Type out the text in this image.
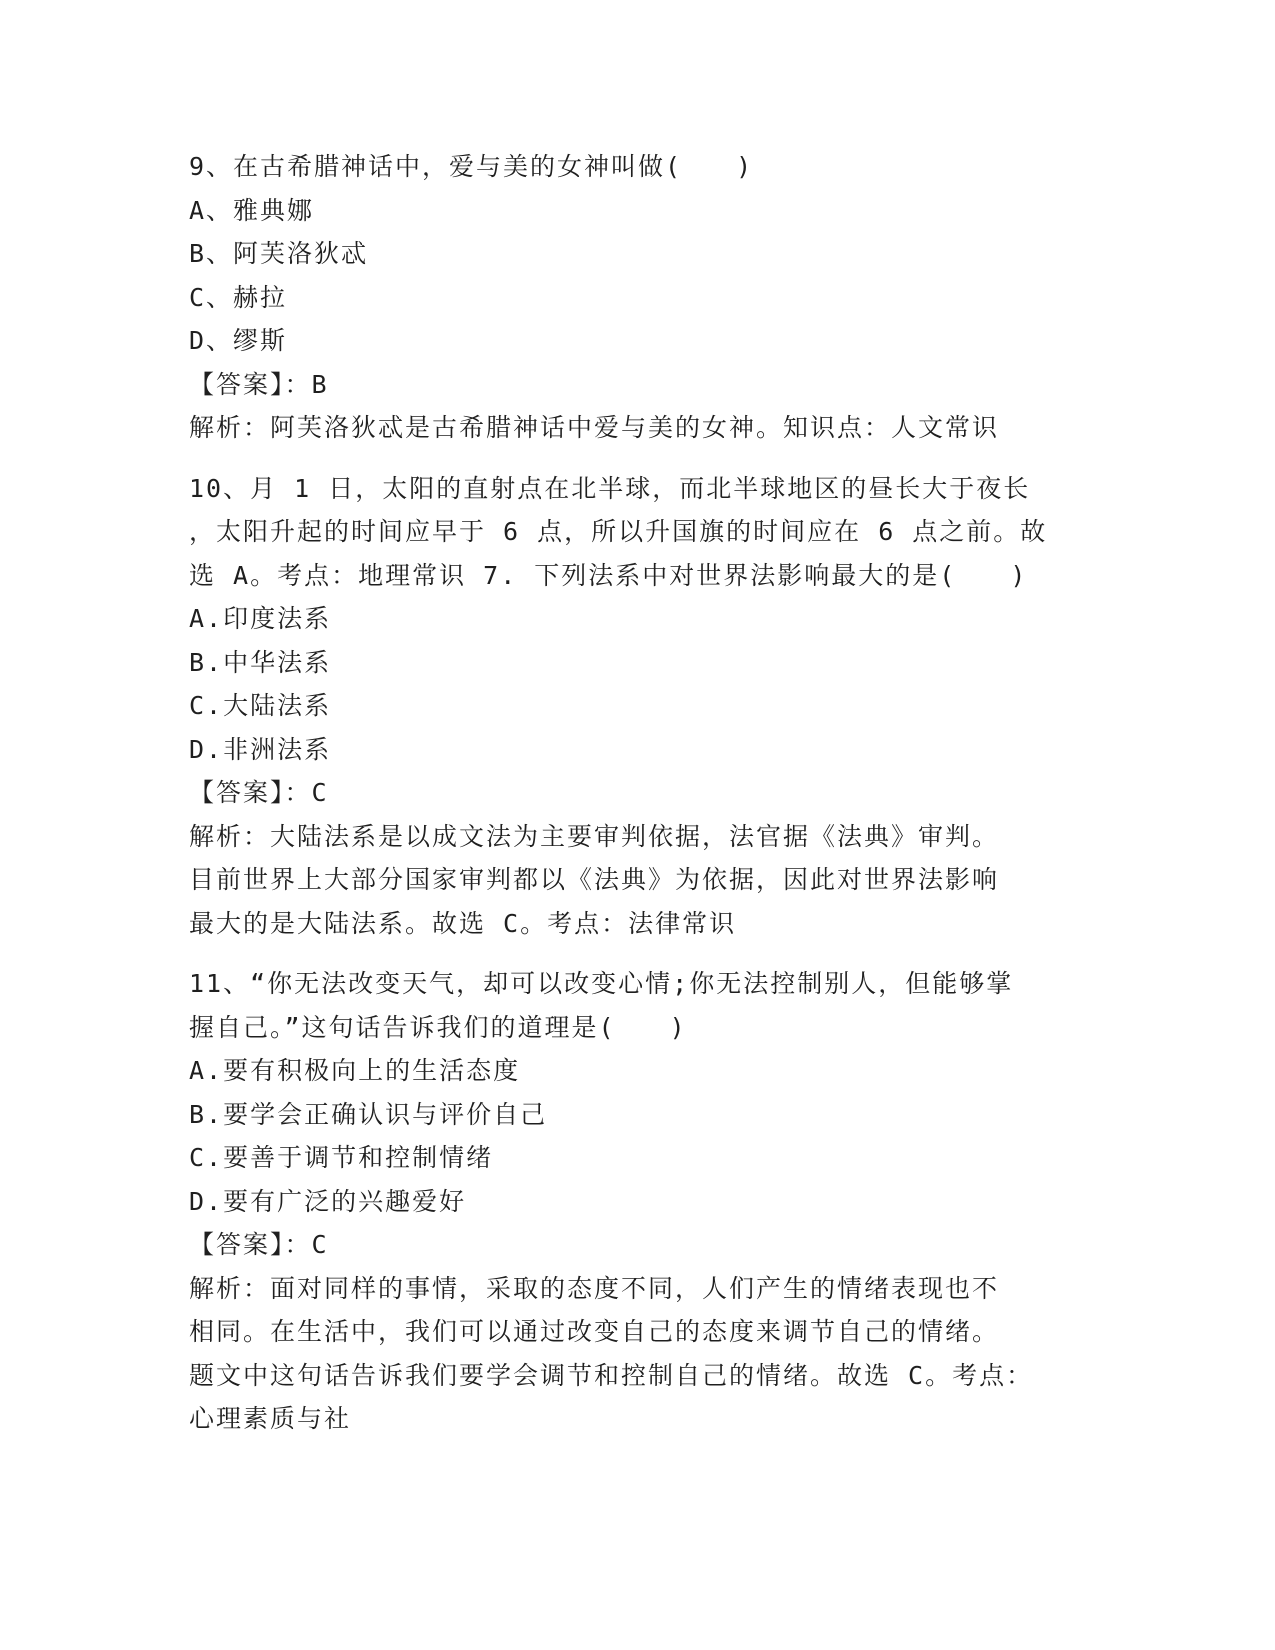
9、在古希腊神话中，爱与美的女神叫做(　　)
A、雅典娜
B、阿芙洛狄忒
C、赫拉
D、缪斯
【答案】：B
解析：阿芙洛狄忒是古希腊神话中爱与美的女神。知识点：人文常识
10、月 1 日，太阳的直射点在北半球，而北半球地区的昼长大于夜长
，太阳升起的时间应早于 6 点，所以升国旗的时间应在 6 点之前。故
选 A。考点：地理常识 7. 下列法系中对世界法影响最大的是(　　)
A.印度法系
B.中华法系
C.大陆法系
D.非洲法系
【答案】：C
解析：大陆法系是以成文法为主要审判依据，法官据《法典》审判。
目前世界上大部分国家审判都以《法典》为依据，因此对世界法影响
最大的是大陆法系。故选 C。考点：法律常识
11、“你无法改变天气，却可以改变心情;你无法控制别人，但能够掌
握自己。”这句话告诉我们的道理是(　　)
A.要有积极向上的生活态度
B.要学会正确认识与评价自己
C.要善于调节和控制情绪
D.要有广泛的兴趣爱好
【答案】：C
解析：面对同样的事情，采取的态度不同，人们产生的情绪表现也不
相同。在生活中，我们可以通过改变自己的态度来调节自己的情绪。
题文中这句话告诉我们要学会调节和控制自己的情绪。故选 C。考点：
心理素质与社
